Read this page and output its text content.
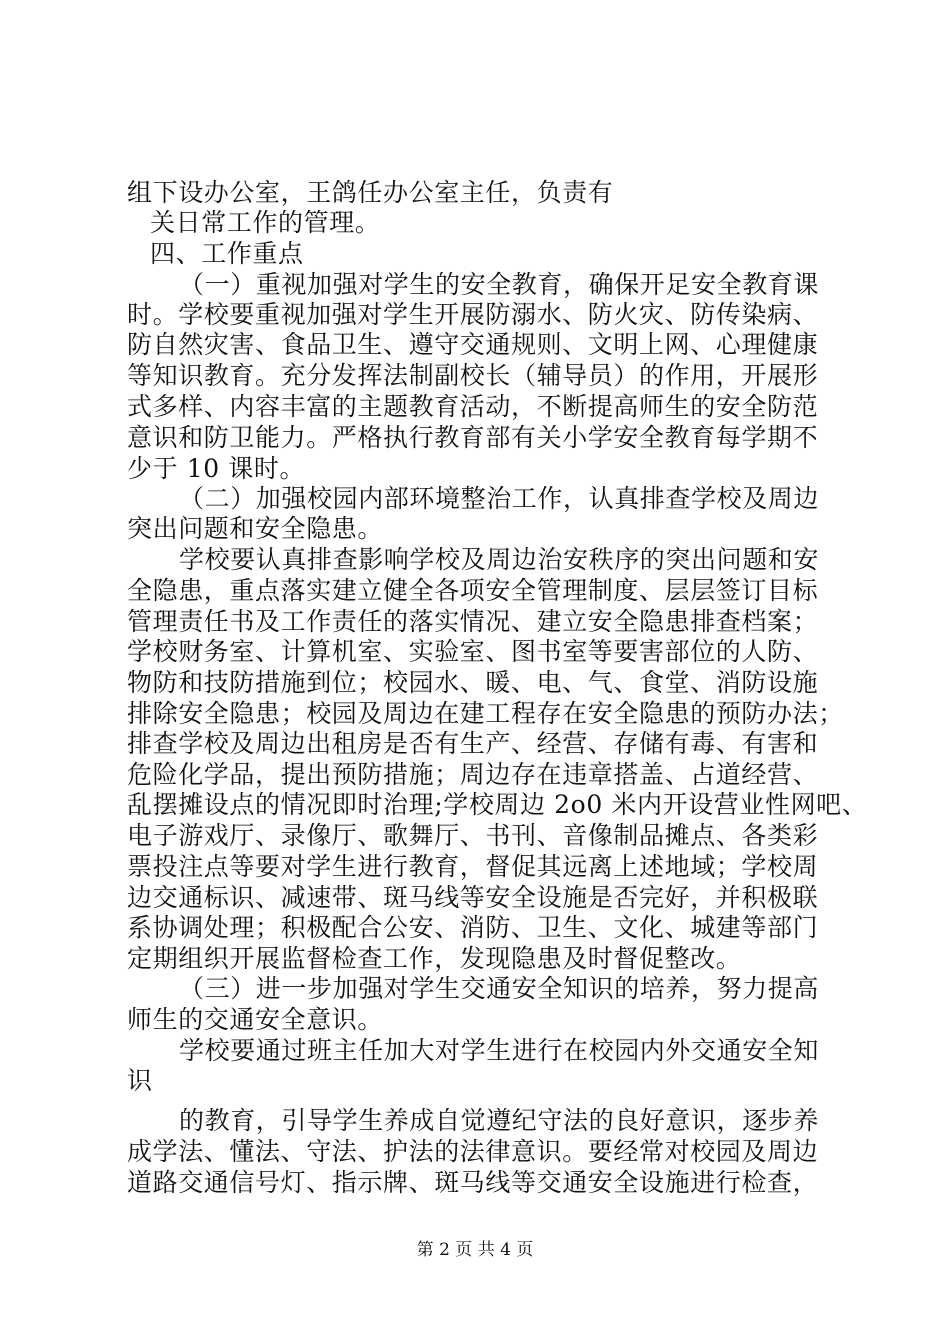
组下设办公室，王鸽任办公室主任，负责有
关日常工作的管理。
四、工作重点
（一）重视加强对学生的安全教育，确保开足安全教育课
时。学校要重视加强对学生开展防溺水、防火灾、防传染病、
防自然灾害、食品卫生、遵守交通规则、文明上网、心理健康
等知识教育。充分发挥法制副校长（辅导员）的作用，开展形
式多样、内容丰富的主题教育活动，不断提高师生的安全防范
意识和防卫能力。严格执行教育部有关小学安全教育每学期不
少于 10 课时。
（二）加强校园内部环境整治工作，认真排查学校及周边
突出问题和安全隐患。
学校要认真排查影响学校及周边治安秩序的突出问题和安
全隐患，重点落实建立健全各项安全管理制度、层层签订目标
管理责任书及工作责任的落实情况、建立安全隐患排查档案；
学校财务室、计算机室、实验室、图书室等要害部位的人防、
物防和技防措施到位；校园水、暖、电、气、食堂、消防设施
排除安全隐患；校园及周边在建工程存在安全隐患的预防办法；
排查学校及周边出租房是否有生产、经营、存储有毒、有害和
危险化学品，提出预防措施；周边存在违章搭盖、占道经营、
乱摆摊设点的情况即时治理;学校周边 2o0 米内开设营业性网吧、
电子游戏厅、录像厅、歌舞厅、书刊、音像制品摊点、各类彩
票投注点等要对学生进行教育，督促其远离上述地域；学校周
边交通标识、减速带、斑马线等安全设施是否完好，并积极联
系协调处理；积极配合公安、消防、卫生、文化、城建等部门
定期组织开展监督检查工作，发现隐患及时督促整改。
（三）进一步加强对学生交通安全知识的培养，努力提高
师生的交通安全意识。
学校要通过班主任加大对学生进行在校园内外交通安全知
识
的教育，引导学生养成自觉遵纪守法的良好意识，逐步养
成学法、懂法、守法、护法的法律意识。要经常对校园及周边
道路交通信号灯、指示牌、斑马线等交通安全设施进行检查，
第 2 页 共 4 页
